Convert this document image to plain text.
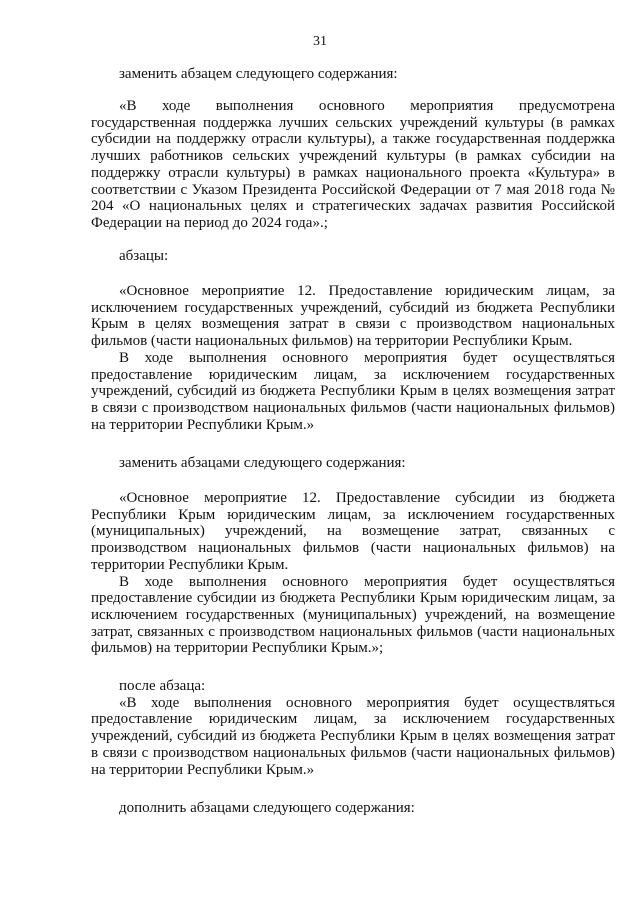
31

заменить абзацем следующего содержания:

«В ходе выполнения основного мероприятия предусмотрена государственная поддержка лучших сельских учреждений культуры (в рамках субсидии на поддержку отрасли культуры), а также государственная поддержка лучших работников сельских учреждений культуры (в рамках субсидии на поддержку отрасли культуры) в рамках национального проекта «Культура» в соответствии с Указом Президента Российской Федерации от 7 мая 2018 года № 204 «О национальных целях и стратегических задачах развития Российской Федерации на период до 2024 года».;

абзацы:

«Основное мероприятие 12. Предоставление юридическим лицам, за исключением государственных учреждений, субсидий из бюджета Республики Крым в целях возмещения затрат в связи с производством национальных фильмов (части национальных фильмов) на территории Республики Крым.

В ходе выполнения основного мероприятия будет осуществляться предоставление юридическим лицам, за исключением государственных учреждений, субсидий из бюджета Республики Крым в целях возмещения затрат в связи с производством национальных фильмов (части национальных фильмов) на территории Республики Крым.»

заменить абзацами следующего содержания:

«Основное мероприятие 12. Предоставление субсидии из бюджета Республики Крым юридическим лицам, за исключением государственных (муниципальных) учреждений, на возмещение затрат, связанных с производством национальных фильмов (части национальных фильмов) на территории Республики Крым.

В ходе выполнения основного мероприятия будет осуществляться предоставление субсидии из бюджета Республики Крым юридическим лицам, за исключением государственных (муниципальных) учреждений, на возмещение затрат, связанных с производством национальных фильмов (части национальных фильмов) на территории Республики Крым.»;

после абзаца:

«В ходе выполнения основного мероприятия будет осуществляться предоставление юридическим лицам, за исключением государственных учреждений, субсидий из бюджета Республики Крым в целях возмещения затрат в связи с производством национальных фильмов (части национальных фильмов) на территории Республики Крым.»

дополнить абзацами следующего содержания:
